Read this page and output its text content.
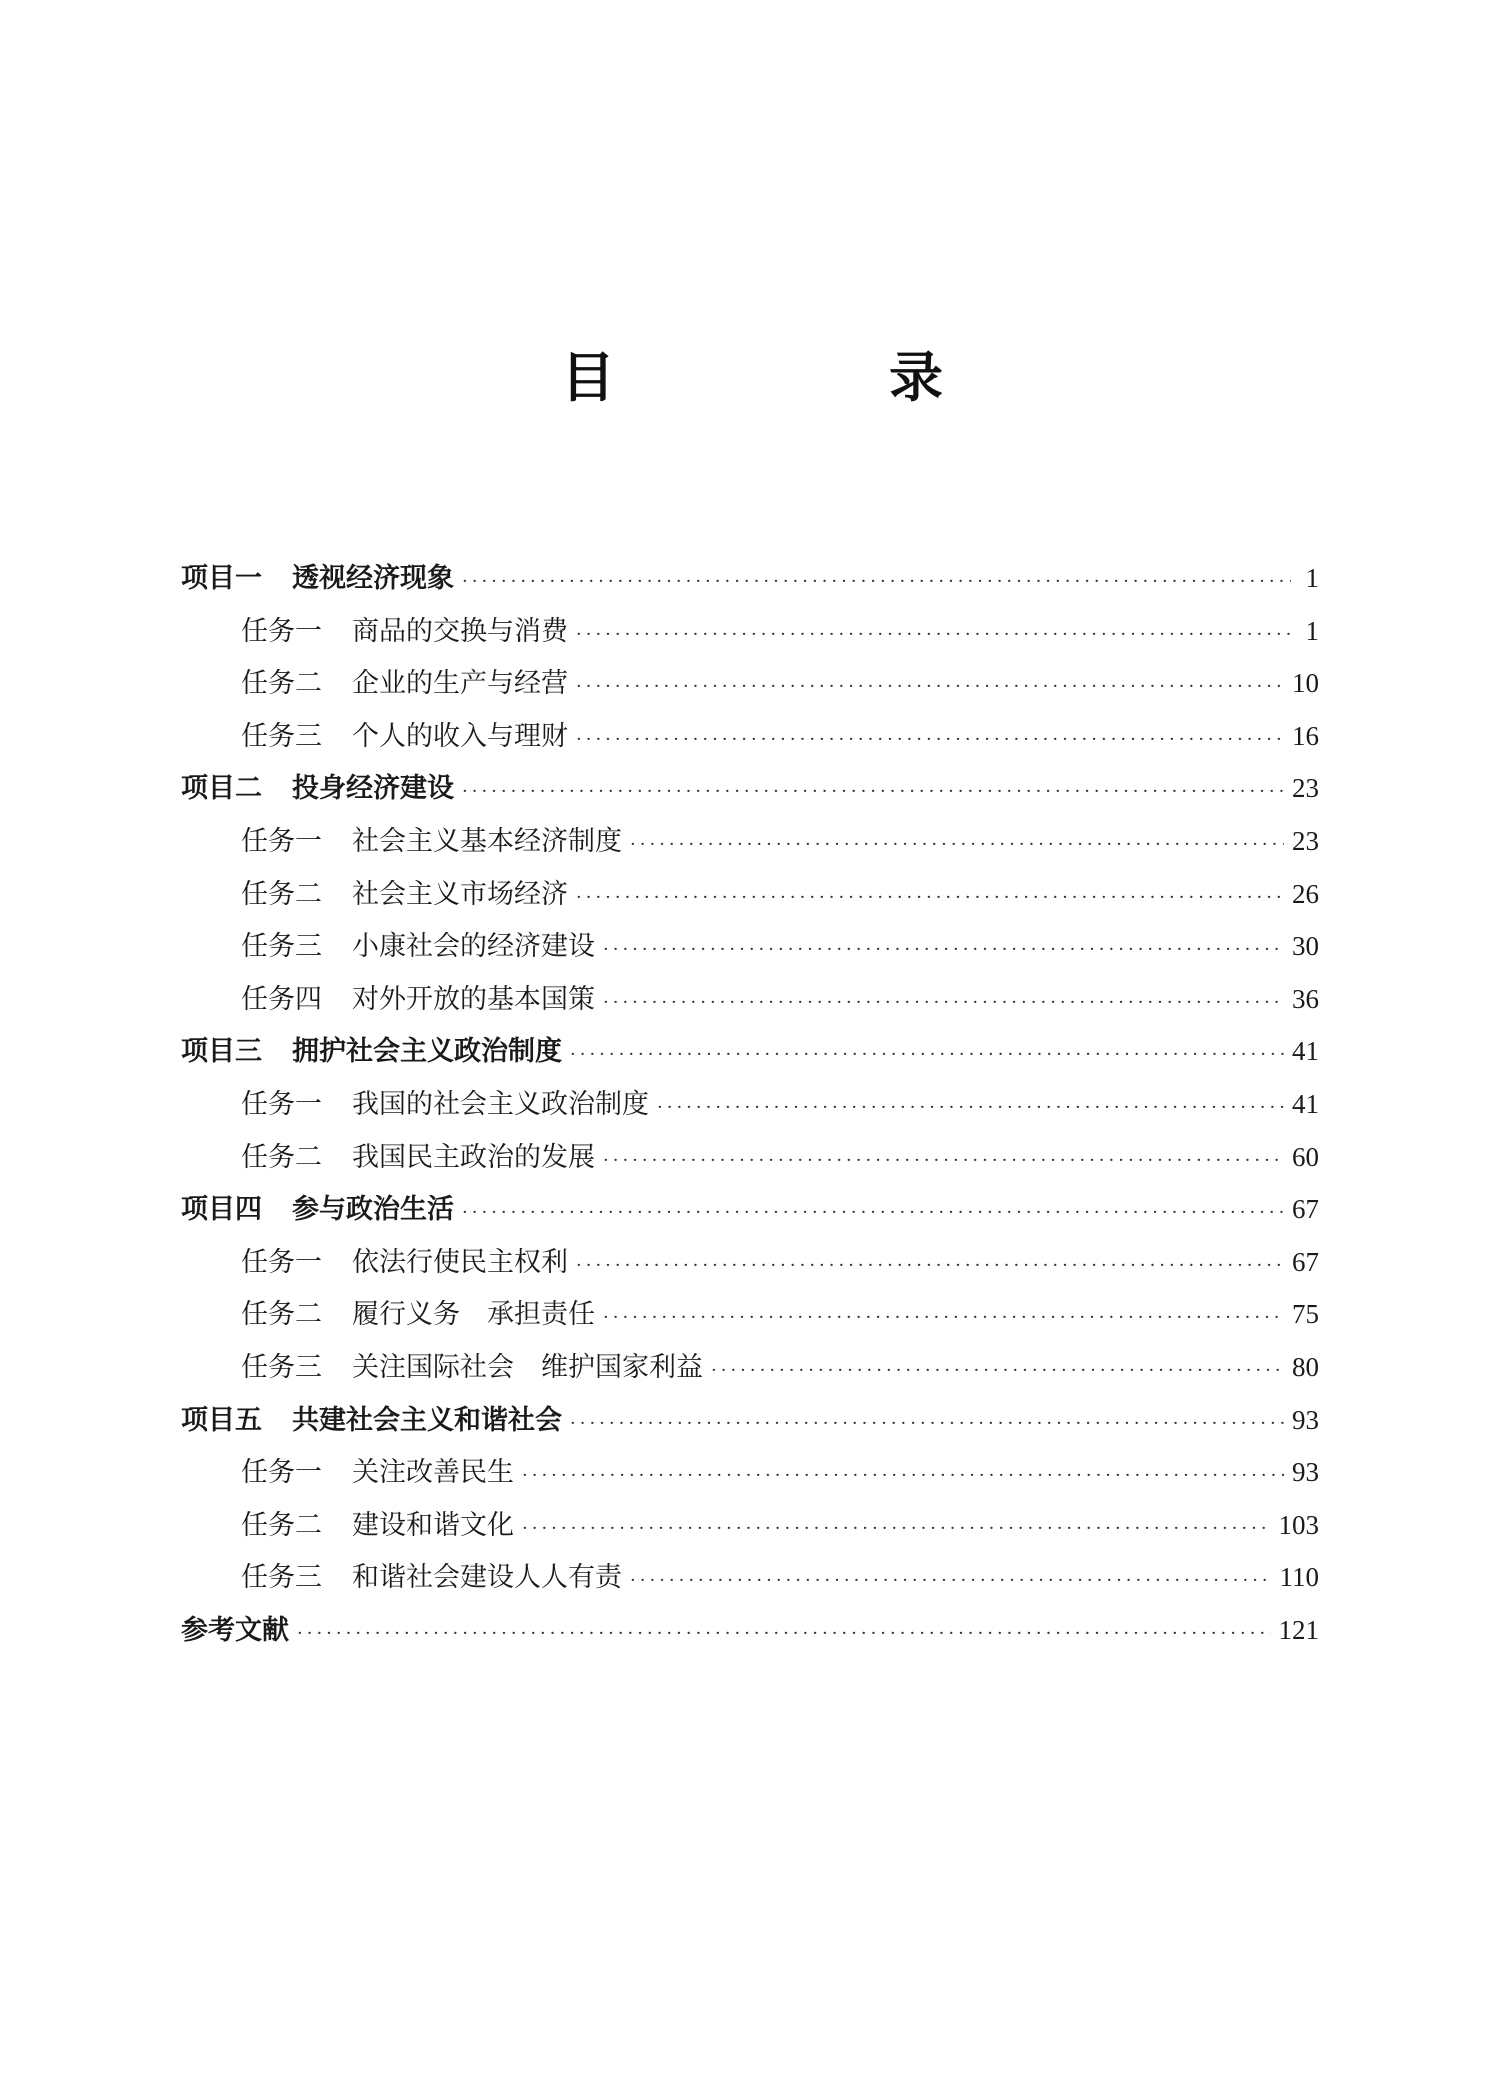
目　录
项目一 透视经济现象 ·····	1
任务一 商品的交换与消费 ·····	1
任务二 企业的生产与经营 ·····	10
任务三 个人的收入与理财 ·····	16
项目二 投身经济建设 ·····	23
任务一 社会主义基本经济制度 ·····	23
任务二 社会主义市场经济 ·····	26
任务三 小康社会的经济建设 ·····	30
任务四 对外开放的基本国策 ·····	36
项目三 拥护社会主义政治制度 ·····	41
任务一 我国的社会主义政治制度 ·····	41
任务二 我国民主政治的发展 ·····	60
项目四 参与政治生活 ·····	67
任务一 依法行使民主权利 ·····	67
任务二 履行义务　承担责任 ·····	75
任务三 关注国际社会　维护国家利益 ·····	80
项目五 共建社会主义和谐社会 ·····	93
任务一 关注改善民生 ·····	93
任务二 建设和谐文化 ·····	103
任务三 和谐社会建设人人有责 ·····	110
参考文献 ·····	121
